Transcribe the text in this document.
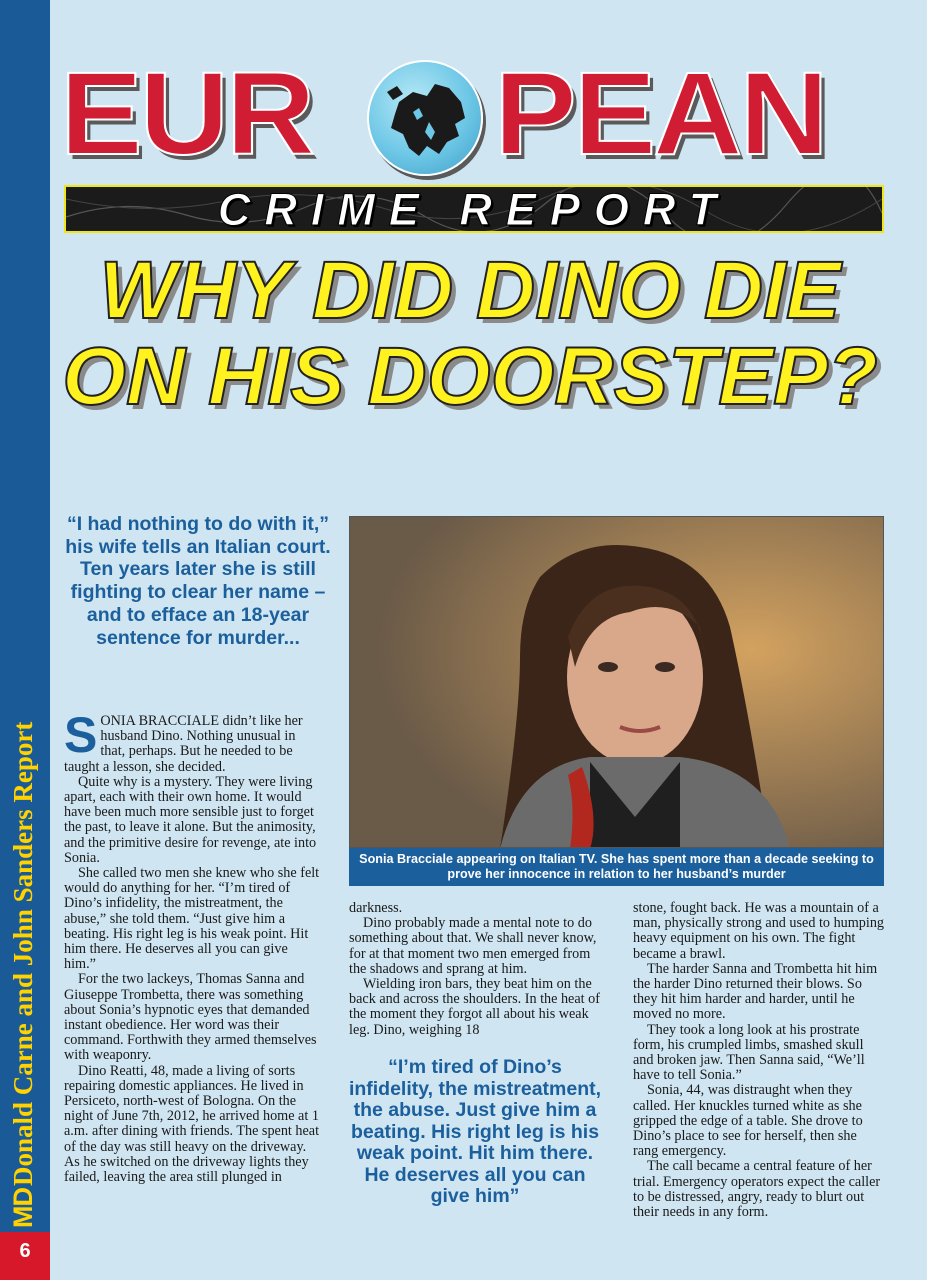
MDDonald Carne and John Sanders Report
6
EUR PEAN
CRIME REPORT
WHY DID DINO DIE ON HIS DOORSTEP?
“I had nothing to do with it,” his wife tells an Italian court. Ten years later she is still fighting to clear her name – and to efface an 18-year sentence for murder...
Sonia Bracciale appearing on Italian TV. She has spent more than a decade seeking to prove her innocence in relation to her husband’s murder

SONIA BRACCIALE didn’t like her husband Dino. Nothing unusual in that, perhaps. But he needed to be taught a lesson, she decided.

Quite why is a mystery. They were living apart, each with their own home. It would have been much more sensible just to forget the past, to leave it alone. But the animosity, and the primitive desire for revenge, ate into Sonia.

She called two men she knew who she felt would do anything for her. “I’m tired of Dino’s infidelity, the mistreatment, the abuse,” she told them. “Just give him a beating. His right leg is his weak point. Hit him there. He deserves all you can give him.”

For the two lackeys, Thomas Sanna and Giuseppe Trombetta, there was something about Sonia’s hypnotic eyes that demanded instant obedience. Her word was their command. Forthwith they armed themselves with weaponry.

Dino Reatti, 48, made a living of sorts repairing domestic appliances. He lived in Persiceto, north-west of Bologna. On the night of June 7th, 2012, he arrived home at 1 a.m. after dining with friends. The spent heat of the day was still heavy on the driveway. As he switched on the driveway lights they failed, leaving the area still plunged in

darkness.

Dino probably made a mental note to do something about that. We shall never know, for at that moment two men emerged from the shadows and sprang at him.

Wielding iron bars, they beat him on the back and across the shoulders. In the heat of the moment they forgot all about his weak leg. Dino, weighing 18

“I’m tired of Dino’s infidelity, the mistreatment, the abuse. Just give him a beating. His right leg is his weak point. Hit him there. He deserves all you can give him”

stone, fought back. He was a mountain of a man, physically strong and used to humping heavy equipment on his own. The fight became a brawl.

The harder Sanna and Trombetta hit him the harder Dino returned their blows. So they hit him harder and harder, until he moved no more.

They took a long look at his prostrate form, his crumpled limbs, smashed skull and broken jaw. Then Sanna said, “We’ll have to tell Sonia.”

Sonia, 44, was distraught when they called. Her knuckles turned white as she gripped the edge of a table. She drove to Dino’s place to see for herself, then she rang emergency.

The call became a central feature of her trial. Emergency operators expect the caller to be distressed, angry, ready to blurt out their needs in any form.
